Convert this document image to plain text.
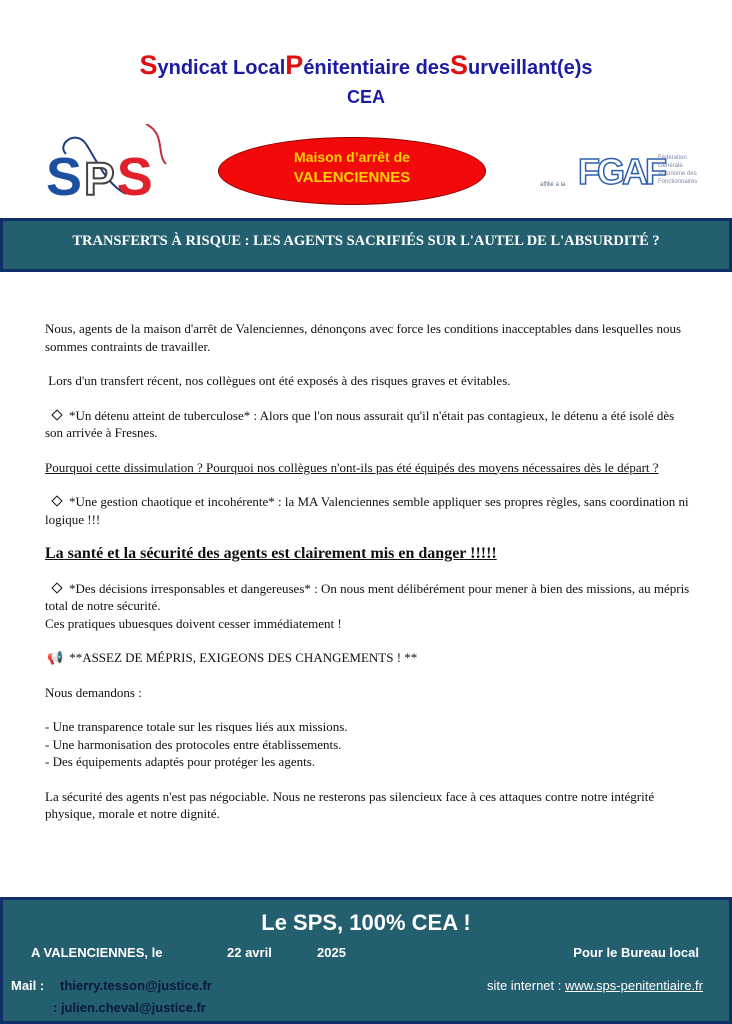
Syndicat LocalPénitentiaire desSurveillant(e)s
CEA
SPS	Maison d’arrêt de
VALENCIENNES	affilié à la FGAF
Fédération Générale Autonome des Fonctionnaires
TRANSFERTS À RISQUE : LES AGENTS SACRIFIÉS SUR L'AUTEL DE L'ABSURDITÉ ?

Nous, agents de la maison d'arrêt de Valenciennes, dénonçons avec force les conditions inacceptables dans lesquelles nous sommes contraints de travailler.

Lors d'un transfert récent, nos collègues ont été exposés à des risques graves et évitables.

*Un détenu atteint de tuberculose* : Alors que l'on nous assurait qu'il n'était pas contagieux, le détenu a été isolé dès son arrivée à Fresnes.

Pourquoi cette dissimulation ? Pourquoi nos collègues n'ont-ils pas été équipés des moyens nécessaires dès le départ ?

*Une gestion chaotique et incohérente* : la MA Valenciennes semble appliquer ses propres règles, sans coordination ni logique !!!

La santé et la sécurité des agents est clairement mis en danger !!!!!

*Des décisions irresponsables et dangereuses* : On nous ment délibérément pour mener à bien des missions, au mépris total de notre sécurité.

Ces pratiques ubuesques doivent cesser immédiatement !

📢 **ASSEZ DE MÉPRIS, EXIGEONS DES CHANGEMENTS ! **

Nous demandons :

- Une transparence totale sur les risques liés aux missions.

- Une harmonisation des protocoles entre établissements.

- Des équipements adaptés pour protéger les agents.

La sécurité des agents n'est pas négociable. Nous ne resterons pas silencieux face à ces attaques contre notre intégrité  physique, morale et notre dignité.

Le SPS, 100% CEA !
A VALENCIENNES, le	22 avril	2025	Pour le Bureau local
Mail : thierry.tesson@justice.fr
: julien.cheval@justice.fr
site internet : www.sps-penitentiaire.fr
